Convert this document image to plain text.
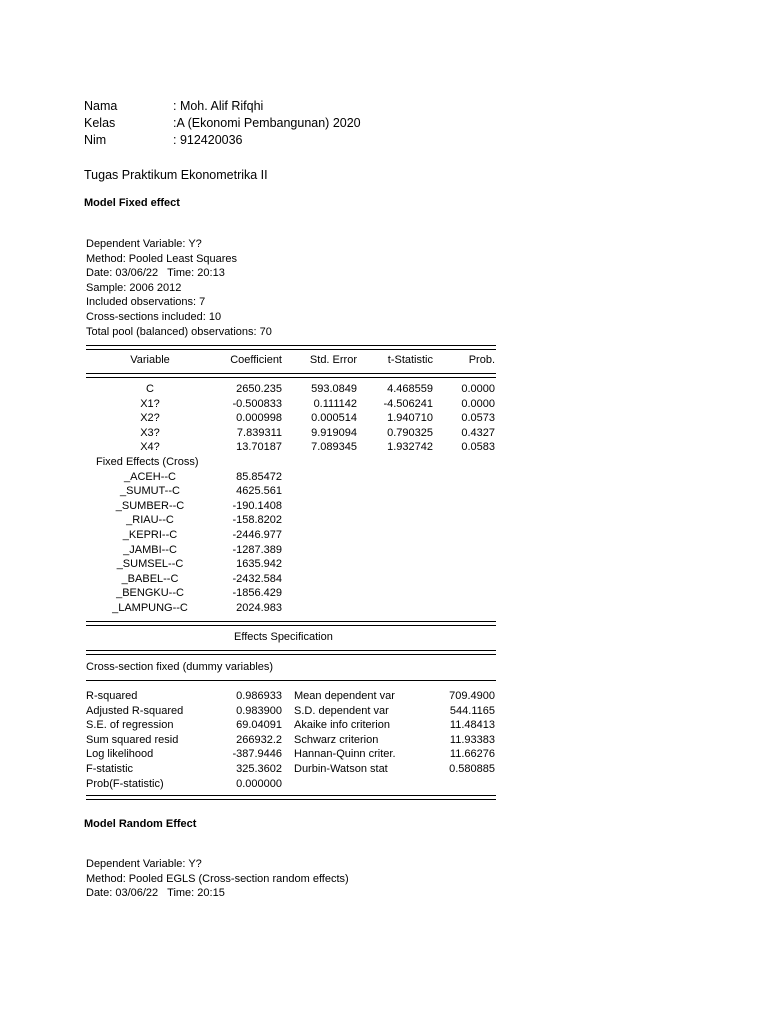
Nama	: Moh. Alif Rifqhi
Kelas	:A (Ekonomi Pembangunan) 2020
Nim	: 912420036
Tugas Praktikum Ekonometrika II
Model Fixed effect
Dependent Variable: Y?
Method: Pooled Least Squares
Date: 03/06/22   Time: 20:13
Sample: 2006 2012
Included observations: 7
Cross-sections included: 10
Total pool (balanced) observations: 70
Variable	Coefficient	Std. Error	t-Statistic	Prob.
C	2650.235	593.0849	4.468559	0.0000
X1?	-0.500833	0.111142	-4.506241	0.0000
X2?	0.000998	0.000514	1.940710	0.0573
X3?	7.839311	9.919094	0.790325	0.4327
X4?	13.70187	7.089345	1.932742	0.0583
Fixed Effects (Cross)
_ACEH--C	85.85472
_SUMUT--C	4625.561
_SUMBER--C	-190.1408
_RIAU--C	-158.8202
_KEPRI--C	-2446.977
_JAMBI--C	-1287.389
_SUMSEL--C	1635.942
_BABEL--C	-2432.584
_BENGKU--C	-1856.429
_LAMPUNG--C	2024.983
Effects Specification
Cross-section fixed (dummy variables)
R-squared	0.986933 Mean dependent var	709.4900
Adjusted R-squared	0.983900 S.D. dependent var	544.1165
S.E. of regression	69.04091 Akaike info criterion	11.48413
Sum squared resid	266932.2 Schwarz criterion	11.93383
Log likelihood	-387.9446 Hannan-Quinn criter.	11.66276
F-statistic	325.3602 Durbin-Watson stat	0.580885
Prob(F-statistic)	0.000000
Model Random Effect
Dependent Variable: Y?
Method: Pooled EGLS (Cross-section random effects)
Date: 03/06/22   Time: 20:15
